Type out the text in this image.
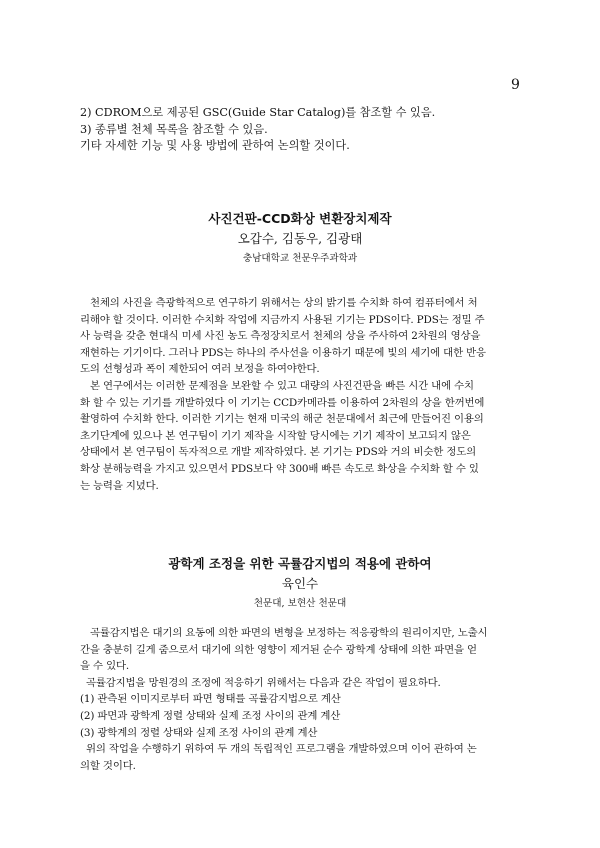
9
2) CDROM으로 제공된 GSC(Guide Star Catalog)를 참조할 수 있음.
3) 종류별 천체 목록을 참조할 수 있음.
기타 자세한 기능 및 사용 방법에 관하여 논의할 것이다.
사진건판-CCD화상 변환장치제작
오갑수, 김동우, 김광태
충남대학교 천문우주과학과
천체의 사진을 측광학적으로 연구하기 위해서는 상의 밝기를 수치화 하여 컴퓨터에서 처
리해야 할 것이다. 이러한 수치화 작업에 지금까지 사용된 기기는 PDS이다. PDS는 정밀 주
사 능력을 갖춘 현대식 미세 사진 농도 측정장치로서 천체의 상을 주사하여 2차원의 영상을
재현하는 기기이다. 그러나 PDS는 하나의 주사선을 이용하기 때문에 빛의 세기에 대한 반응
도의 선형성과 폭이 제한되어 여러 보정을 하여야한다.
본 연구에서는 이러한 문제점을 보완할 수 있고 대량의 사진건판을 빠른 시간 내에 수치
화 할 수 있는 기기를 개발하였다 이 기기는 CCD카메라를 이용하여 2차원의 상을 한꺼번에
촬영하여 수치화 한다. 이러한 기기는 현재 미국의 해군 천문대에서 최근에 만들어진 이용의
초기단계에 있으나 본 연구팀이 기기 제작을 시작할 당시에는 기기 제작이 보고되지 않은
상태에서 본 연구팀이 독자적으로 개발 제작하였다. 본 기기는 PDS와 거의 비슷한 정도의
화상 분해능력을 가지고 있으면서 PDS보다 약 300배 빠른 속도로 화상을 수치화 할 수 있
는 능력을 지녔다.
광학계 조정을 위한 곡률감지법의 적용에 관하여
육인수
천문대, 보현산 천문대
곡률감지법은 대기의 요동에 의한 파면의 변형을 보정하는 적응광학의 원리이지만, 노출시
간을 충분히 길게 줌으로서 대기에 의한 영향이 제거된 순수 광학계 상태에 의한 파면을 얻
을 수 있다.
곡률감지법을 망원경의 조정에 적응하기 위해서는 다음과 같은 작업이 필요하다.
(1) 관측된 이미지로부터 파면 형태를 곡률감지법으로 계산
(2) 파면과 광학계 정렬 상태와 실제 조정 사이의 관계 계산
(3) 광학계의 정렬 상태와 실제 조정 사이의 관계 계산
위의 작업을 수행하기 위하여 두 개의 독립적인 프로그램을 개발하였으며 이어 관하여 논
의할 것이다.
